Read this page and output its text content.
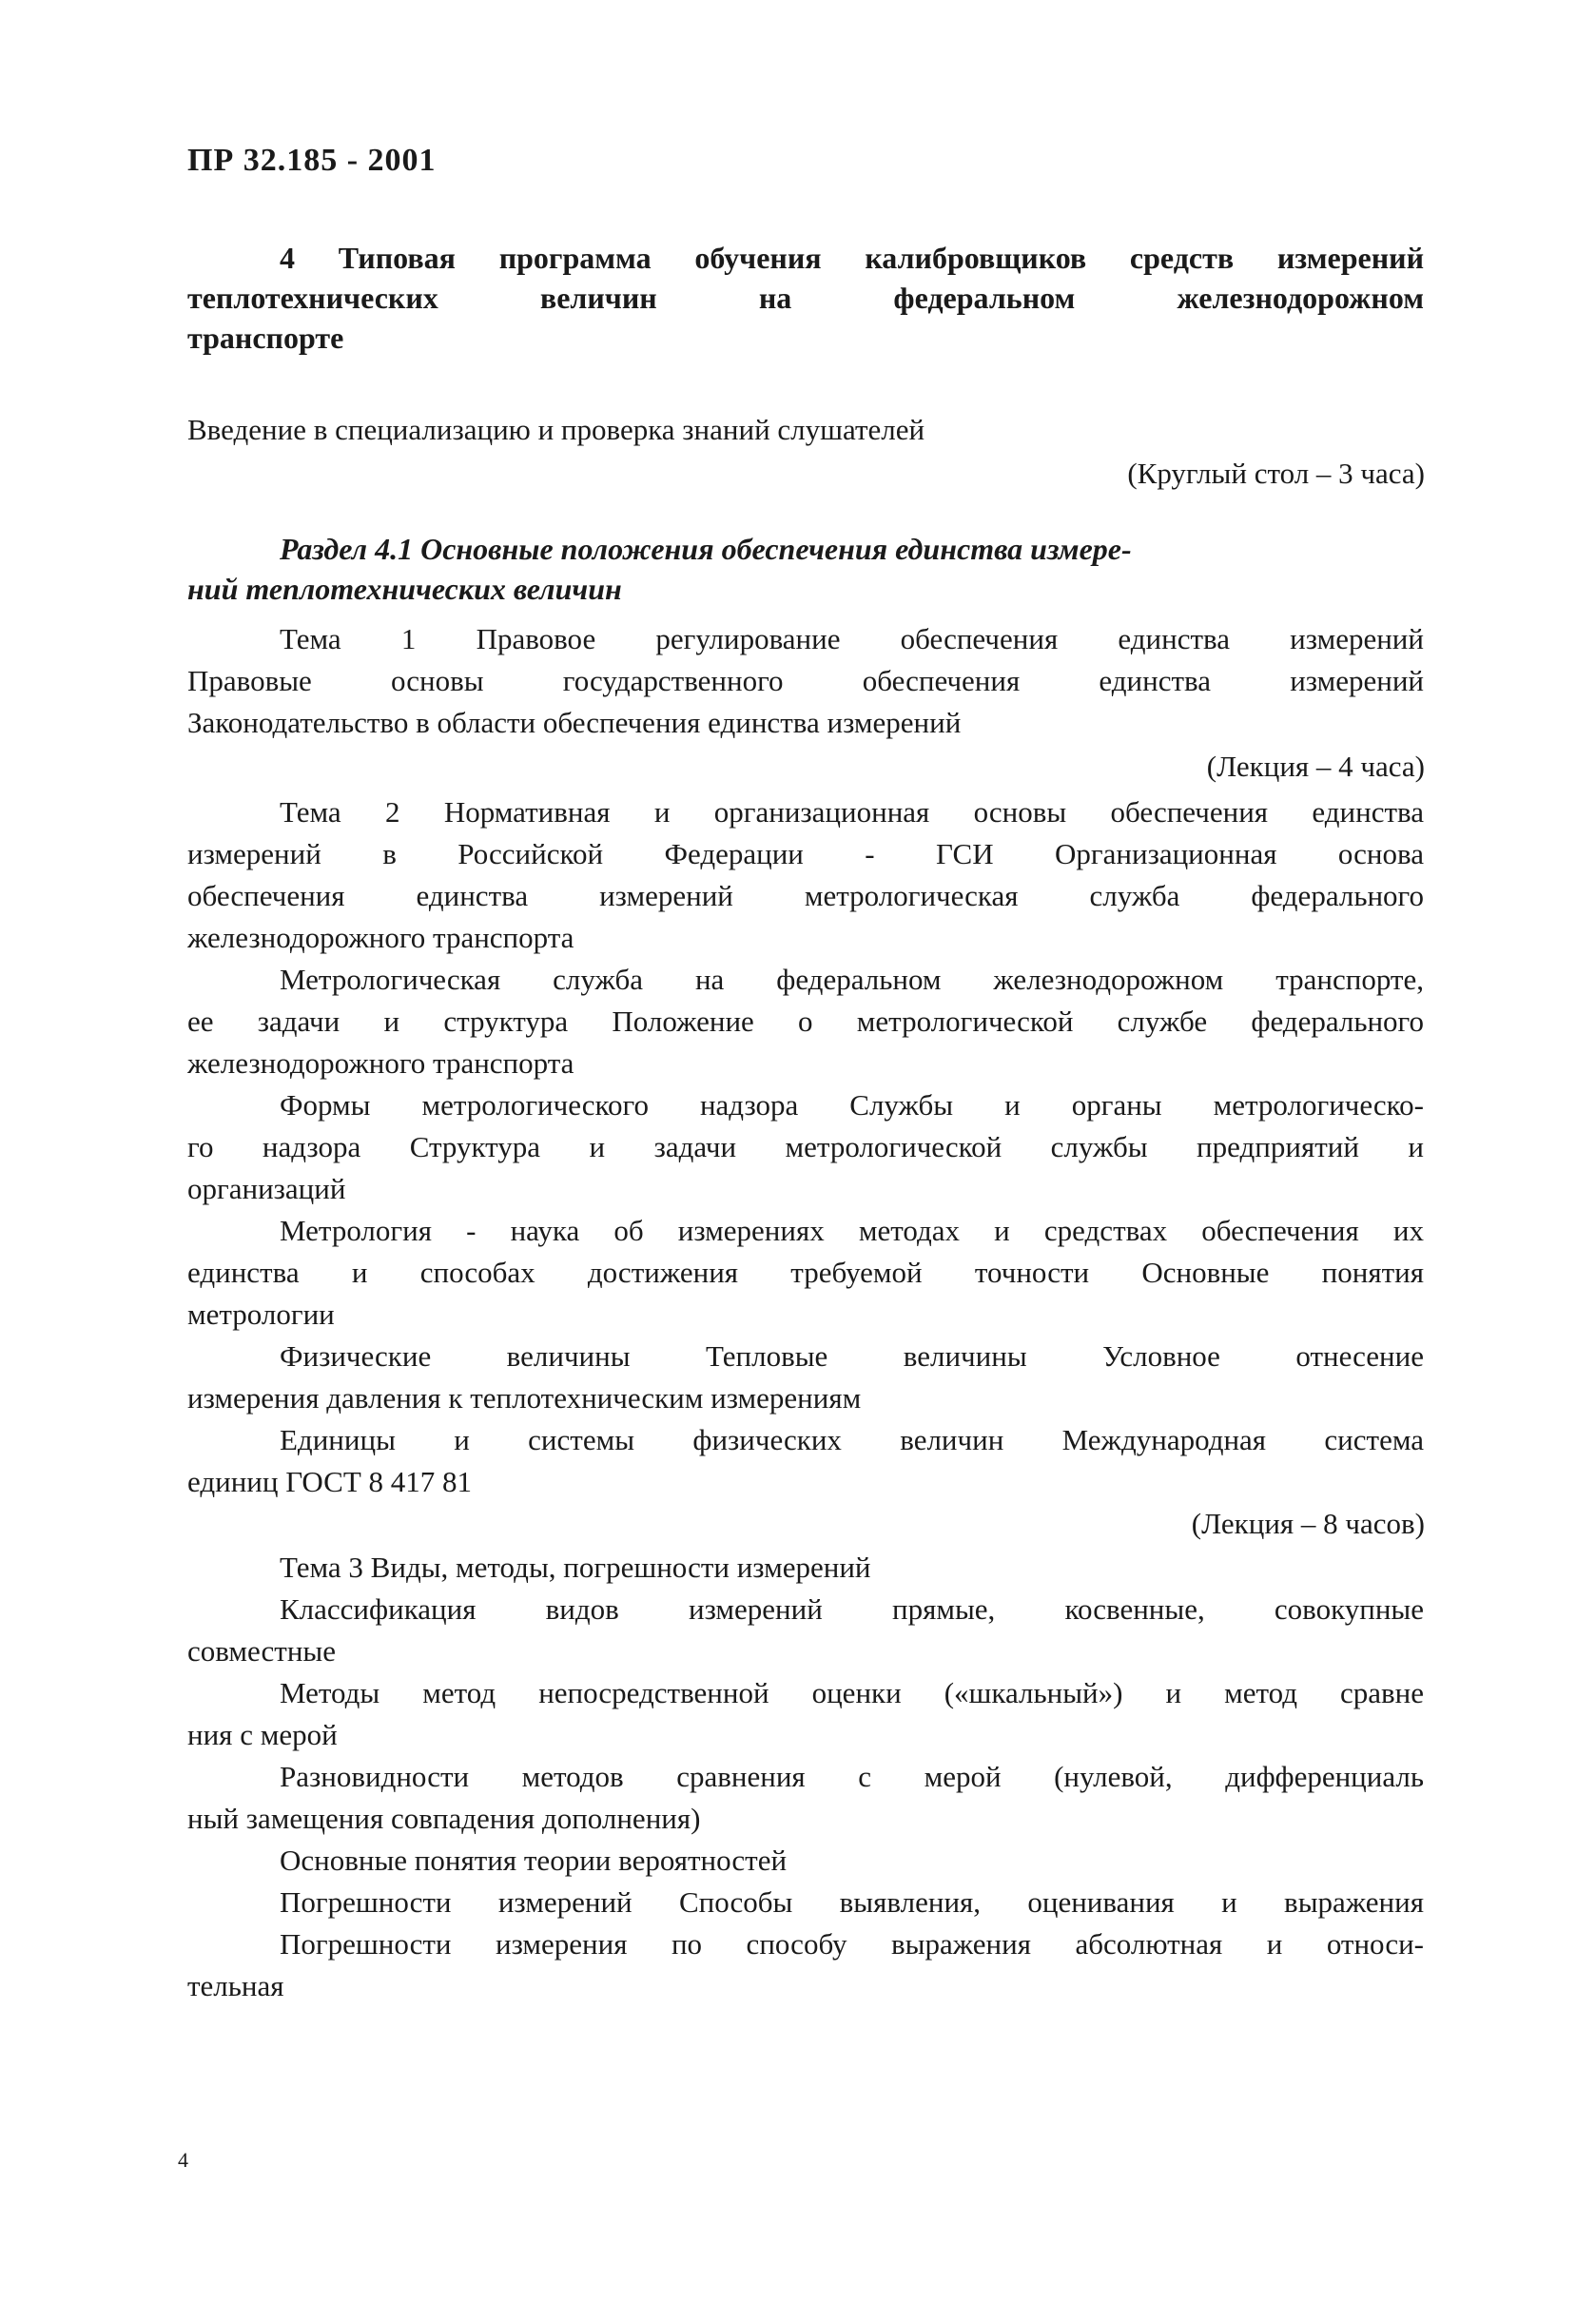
ПР 32.185 - 2001
4 Типовая программа обучения калибровщиков средств измерений
теплотехнических величин на федеральном железнодорожном
транспорте
Введение в специализацию и проверка знаний слушателей
(Круглый стол – 3 часа)
Раздел 4.1 Основные положения обеспечения единства измере-
ний теплотехнических величин
Тема 1 Правовое регулирование обеспечения единства измерений
Правовые основы государственного обеспечения единства измерений
Законодательство в области обеспечения единства измерений
(Лекция – 4 часа)
Тема 2 Нормативная и организационная основы обеспечения единства
измерений в Российской Федерации - ГСИ Организационная основа
обеспечения единства измерений метрологическая служба федерального
железнодорожного транспорта
Метрологическая служба на федеральном железнодорожном транспорте,
ее задачи и структура Положение о метрологической службе федерального
железнодорожного транспорта
Формы метрологического надзора Службы и органы метрологическо-
го надзора Структура и задачи метрологической службы предприятий и
организаций
Метрология - наука об измерениях методах и средствах обеспечения их
единства и способах достижения требуемой точности Основные понятия
метрологии
Физические величины Тепловые величины Условное отнесение
измерения давления к теплотехническим измерениям
Единицы и системы физических величин Международная система
единиц ГОСТ 8 417 81
(Лекция – 8 часов)
Тема 3 Виды, методы, погрешности измерений
Классификация видов измерений прямые, косвенные, совокупные
совместные
Методы метод непосредственной оценки («шкальный») и метод сравне
ния с мерой
Разновидности методов сравнения с мерой (нулевой, дифференциаль
ный замещения совпадения дополнения)
Основные понятия теории вероятностей
Погрешности измерений Способы выявления, оценивания и выражения
Погрешности измерения по способу выражения абсолютная и относи-
тельная
4
